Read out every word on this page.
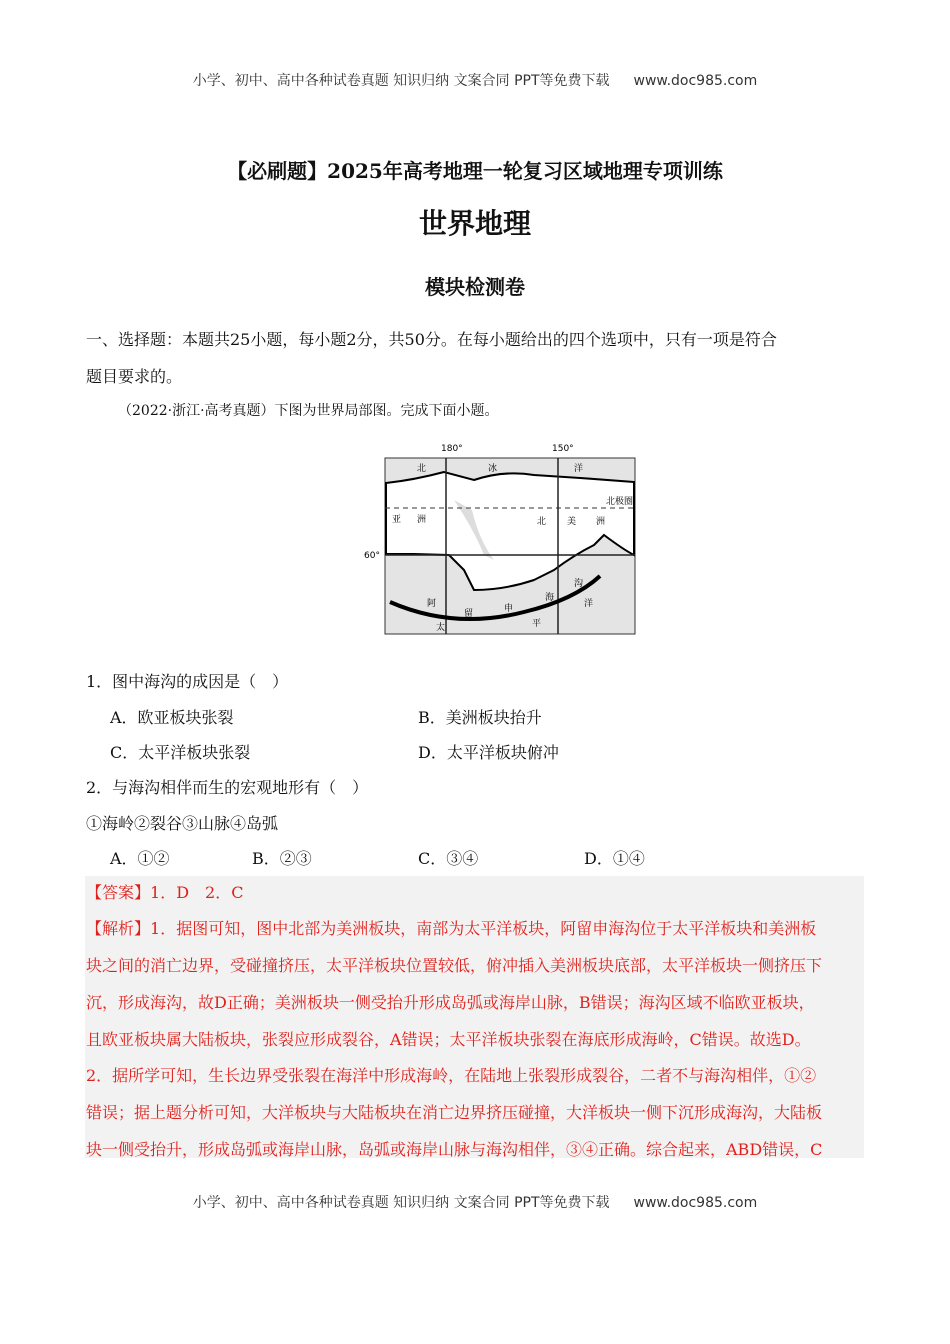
小学、初中、高中各种试卷真题 知识归纳 文案合同 PPT等免费下载 www.doc985.com
【必刷题】2025年高考地理一轮复习区域地理专项训练
世界地理
模块检测卷
一、选择题：本题共25小题，每小题2分，共50分。在每小题给出的四个选项中，只有一项是符合
题目要求的。
（2022·浙江·高考真题）下图为世界局部图。完成下面小题。
180°	150°
60°
北极圈
北	冰	洋
亚 洲	北 美 洲
沟
海
申
留
阿	洋
太	平
1．图中海沟的成因是（　）
A．欧亚板块张裂	B．美洲板块抬升
C．太平洋板块张裂	D．太平洋板块俯冲
2．与海沟相伴而生的宏观地形有（　）
①海岭②裂谷③山脉④岛弧
A．①②	B．②③	C．③④	D．①④
【答案】1．D　2．C
【解析】1．据图可知，图中北部为美洲板块，南部为太平洋板块，阿留申海沟位于太平洋板块和美洲板
块之间的消亡边界，受碰撞挤压，太平洋板块位置较低，俯冲插入美洲板块底部，太平洋板块一侧挤压下
沉，形成海沟，故D正确；美洲板块一侧受抬升形成岛弧或海岸山脉，B错误；海沟区域不临欧亚板块，
且欧亚板块属大陆板块，张裂应形成裂谷，A错误；太平洋板块张裂在海底形成海岭，C错误。故选D。
2．据所学可知，生长边界受张裂在海洋中形成海岭，在陆地上张裂形成裂谷，二者不与海沟相伴，①②
错误；据上题分析可知，大洋板块与大陆板块在消亡边界挤压碰撞，大洋板块一侧下沉形成海沟，大陆板
块一侧受抬升，形成岛弧或海岸山脉，岛弧或海岸山脉与海沟相伴，③④正确。综合起来，ABD错误，C
小学、初中、高中各种试卷真题 知识归纳 文案合同 PPT等免费下载 www.doc985.com
